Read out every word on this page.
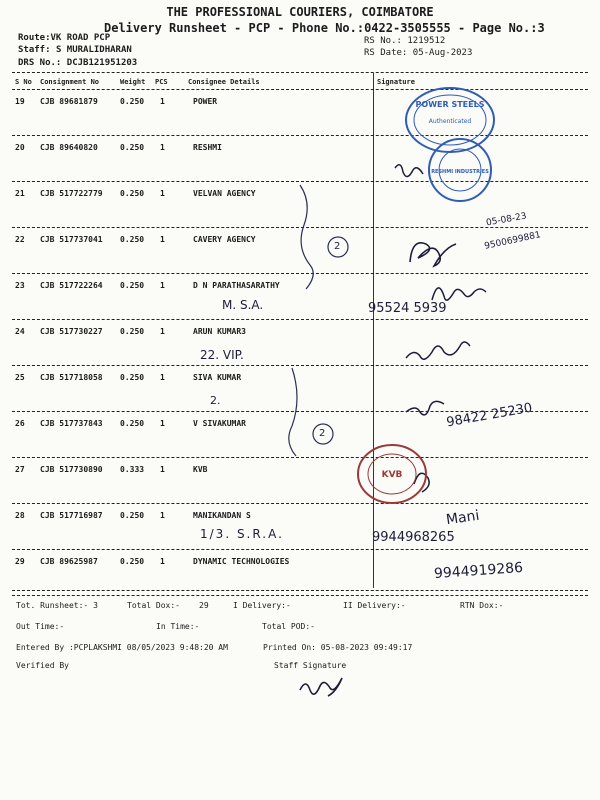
THE PROFESSIONAL COURIERS, COIMBATORE
Delivery Runsheet - PCP - Phone No.:0422-3505555 - Page No.:3
Route:VK ROAD PCP
Staff: S MURALIDHARAN
DRS No.: DCJB121951203
RS No.: 1219512
RS Date: 05-Aug-2023
S No Consignment No	Weight PCS	Consignee Details	Signature
19 CJB 89681879	0.250 1	POWER
20 CJB 89640820	0.250 1	RESHMI
21 CJB 517722779 0.250 1	VELVAN AGENCY
22 CJB 517737041 0.250 1	CAVERY AGENCY
23 CJB 517722264 0.250 1	D N PARATHASARATHY
24 CJB 517730227 0.250 1	ARUN KUMAR3
25 CJB 517718058 0.250 1	SIVA KUMAR
26 CJB 517737843 0.250 1	V SIVAKUMAR
27 CJB 517730890 0.333 1	KVB
28 CJB 517716987 0.250 1	MANIKANDAN S
29 CJB 89625987	0.250 1	DYNAMIC TECHNOLOGIES
M. S.A.	95524 5939
9500699881
05-08-23
22. VIP.
2.
98422 25230
1/3. S.R.A.	9944968265
Mani
9944919286
2
2
POWER STEELS
Authenticated
RESHMI INDUSTRIES
KVB
Tot. Runsheet:- 3	Total Dox:- 29	I Delivery:-	II Delivery:-	RTN Dox:-
Out Time:-	In Time:-	Total POD:-
Entered By :PCPLAKSHMI 08/05/2023 9:48:20 AM	Printed On: 05-08-2023 09:49:17
Verified By	Staff Signature
